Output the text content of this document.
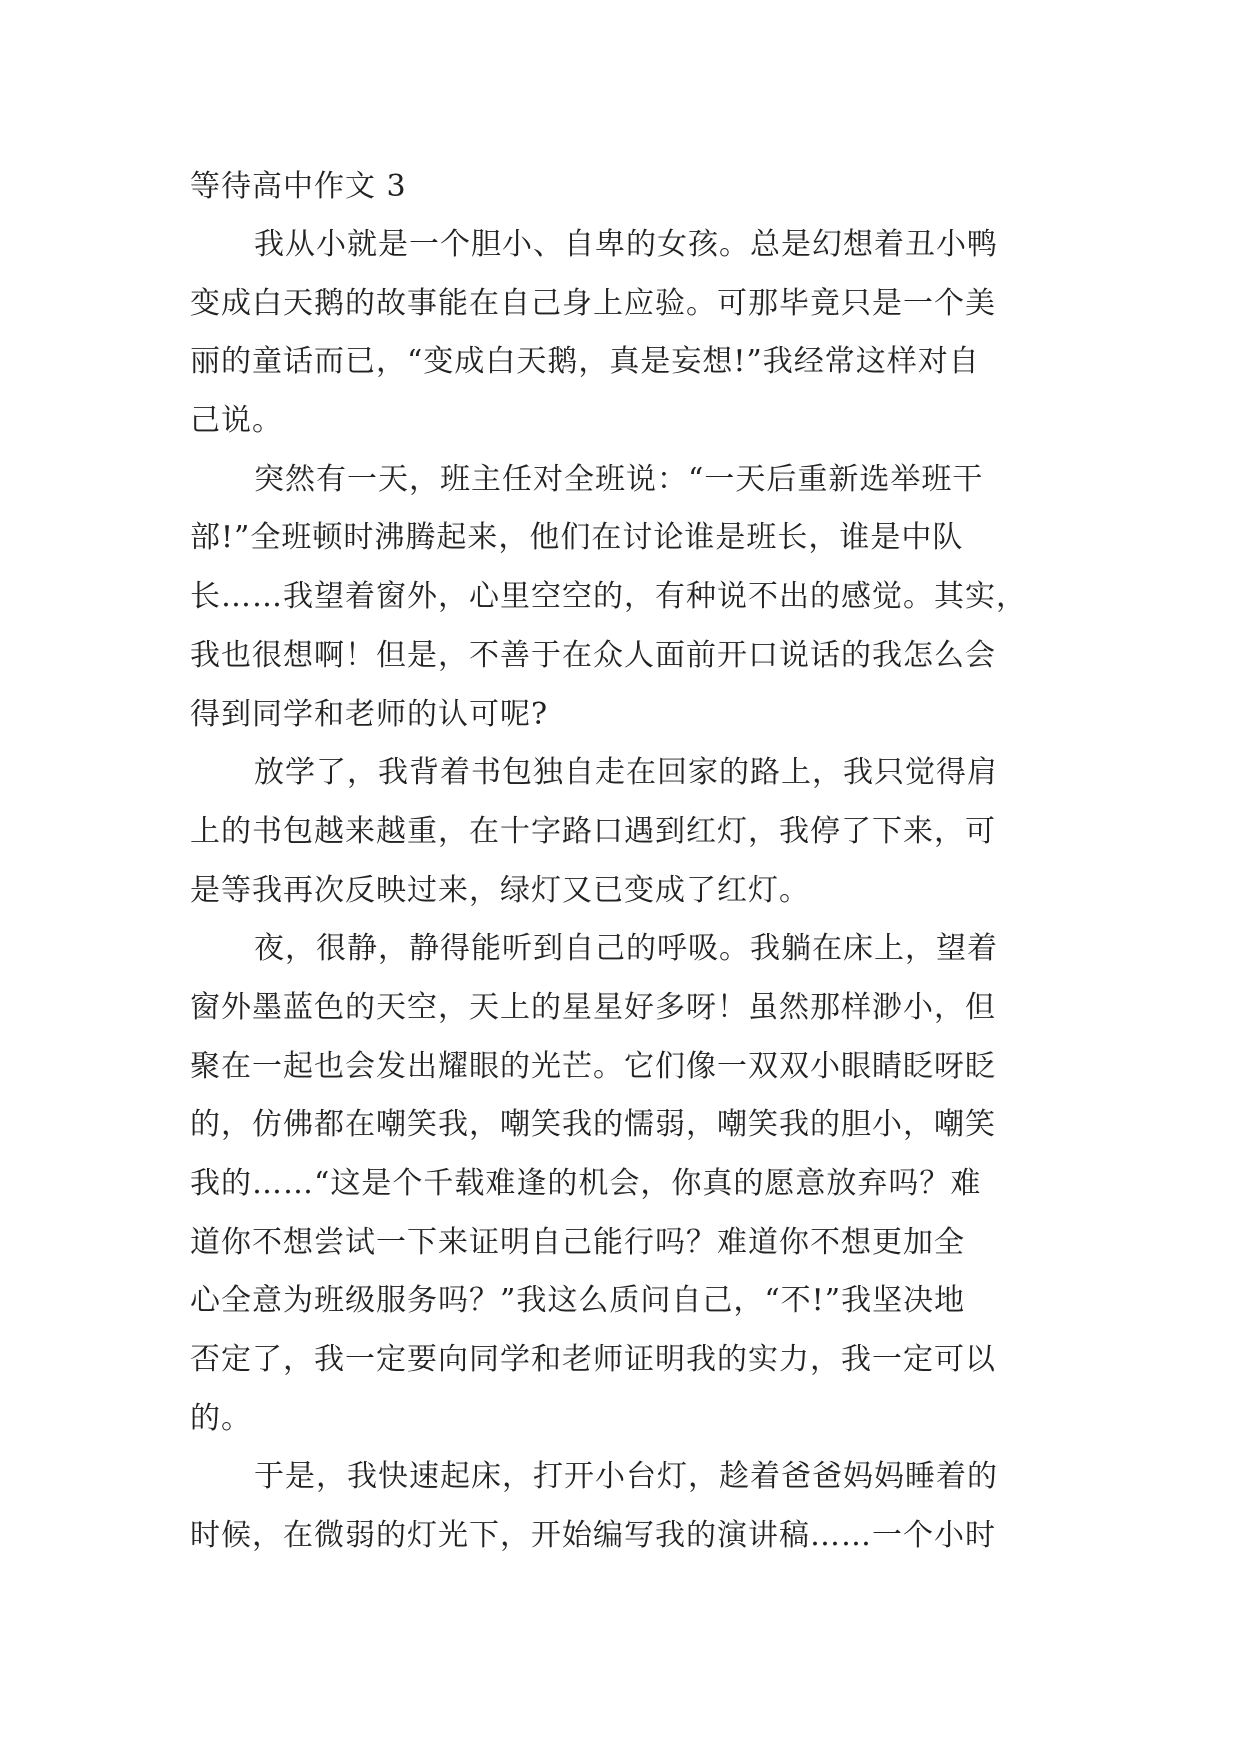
等待高中作文 3
我从小就是一个胆小、自卑的女孩。总是幻想着丑小鸭
变成白天鹅的故事能在自己身上应验。可那毕竟只是一个美
丽的童话而已，“变成白天鹅，真是妄想!”我经常这样对自
己说。
突然有一天，班主任对全班说：“一天后重新选举班干
部!”全班顿时沸腾起来，他们在讨论谁是班长，谁是中队
长……我望着窗外，心里空空的，有种说不出的感觉。其实，
我也很想啊！但是，不善于在众人面前开口说话的我怎么会
得到同学和老师的认可呢?
放学了，我背着书包独自走在回家的路上，我只觉得肩
上的书包越来越重，在十字路口遇到红灯，我停了下来，可
是等我再次反映过来，绿灯又已变成了红灯。
夜，很静，静得能听到自己的呼吸。我躺在床上，望着
窗外墨蓝色的天空，天上的星星好多呀！虽然那样渺小，但
聚在一起也会发出耀眼的光芒。它们像一双双小眼睛眨呀眨
的，仿佛都在嘲笑我，嘲笑我的懦弱，嘲笑我的胆小，嘲笑
我的……“这是个千载难逢的机会，你真的愿意放弃吗？难
道你不想尝试一下来证明自己能行吗？难道你不想更加全
心全意为班级服务吗？”我这么质问自己，“不!”我坚决地
否定了，我一定要向同学和老师证明我的实力，我一定可以
的。
于是，我快速起床，打开小台灯，趁着爸爸妈妈睡着的
时候，在微弱的灯光下，开始编写我的演讲稿……一个小时
